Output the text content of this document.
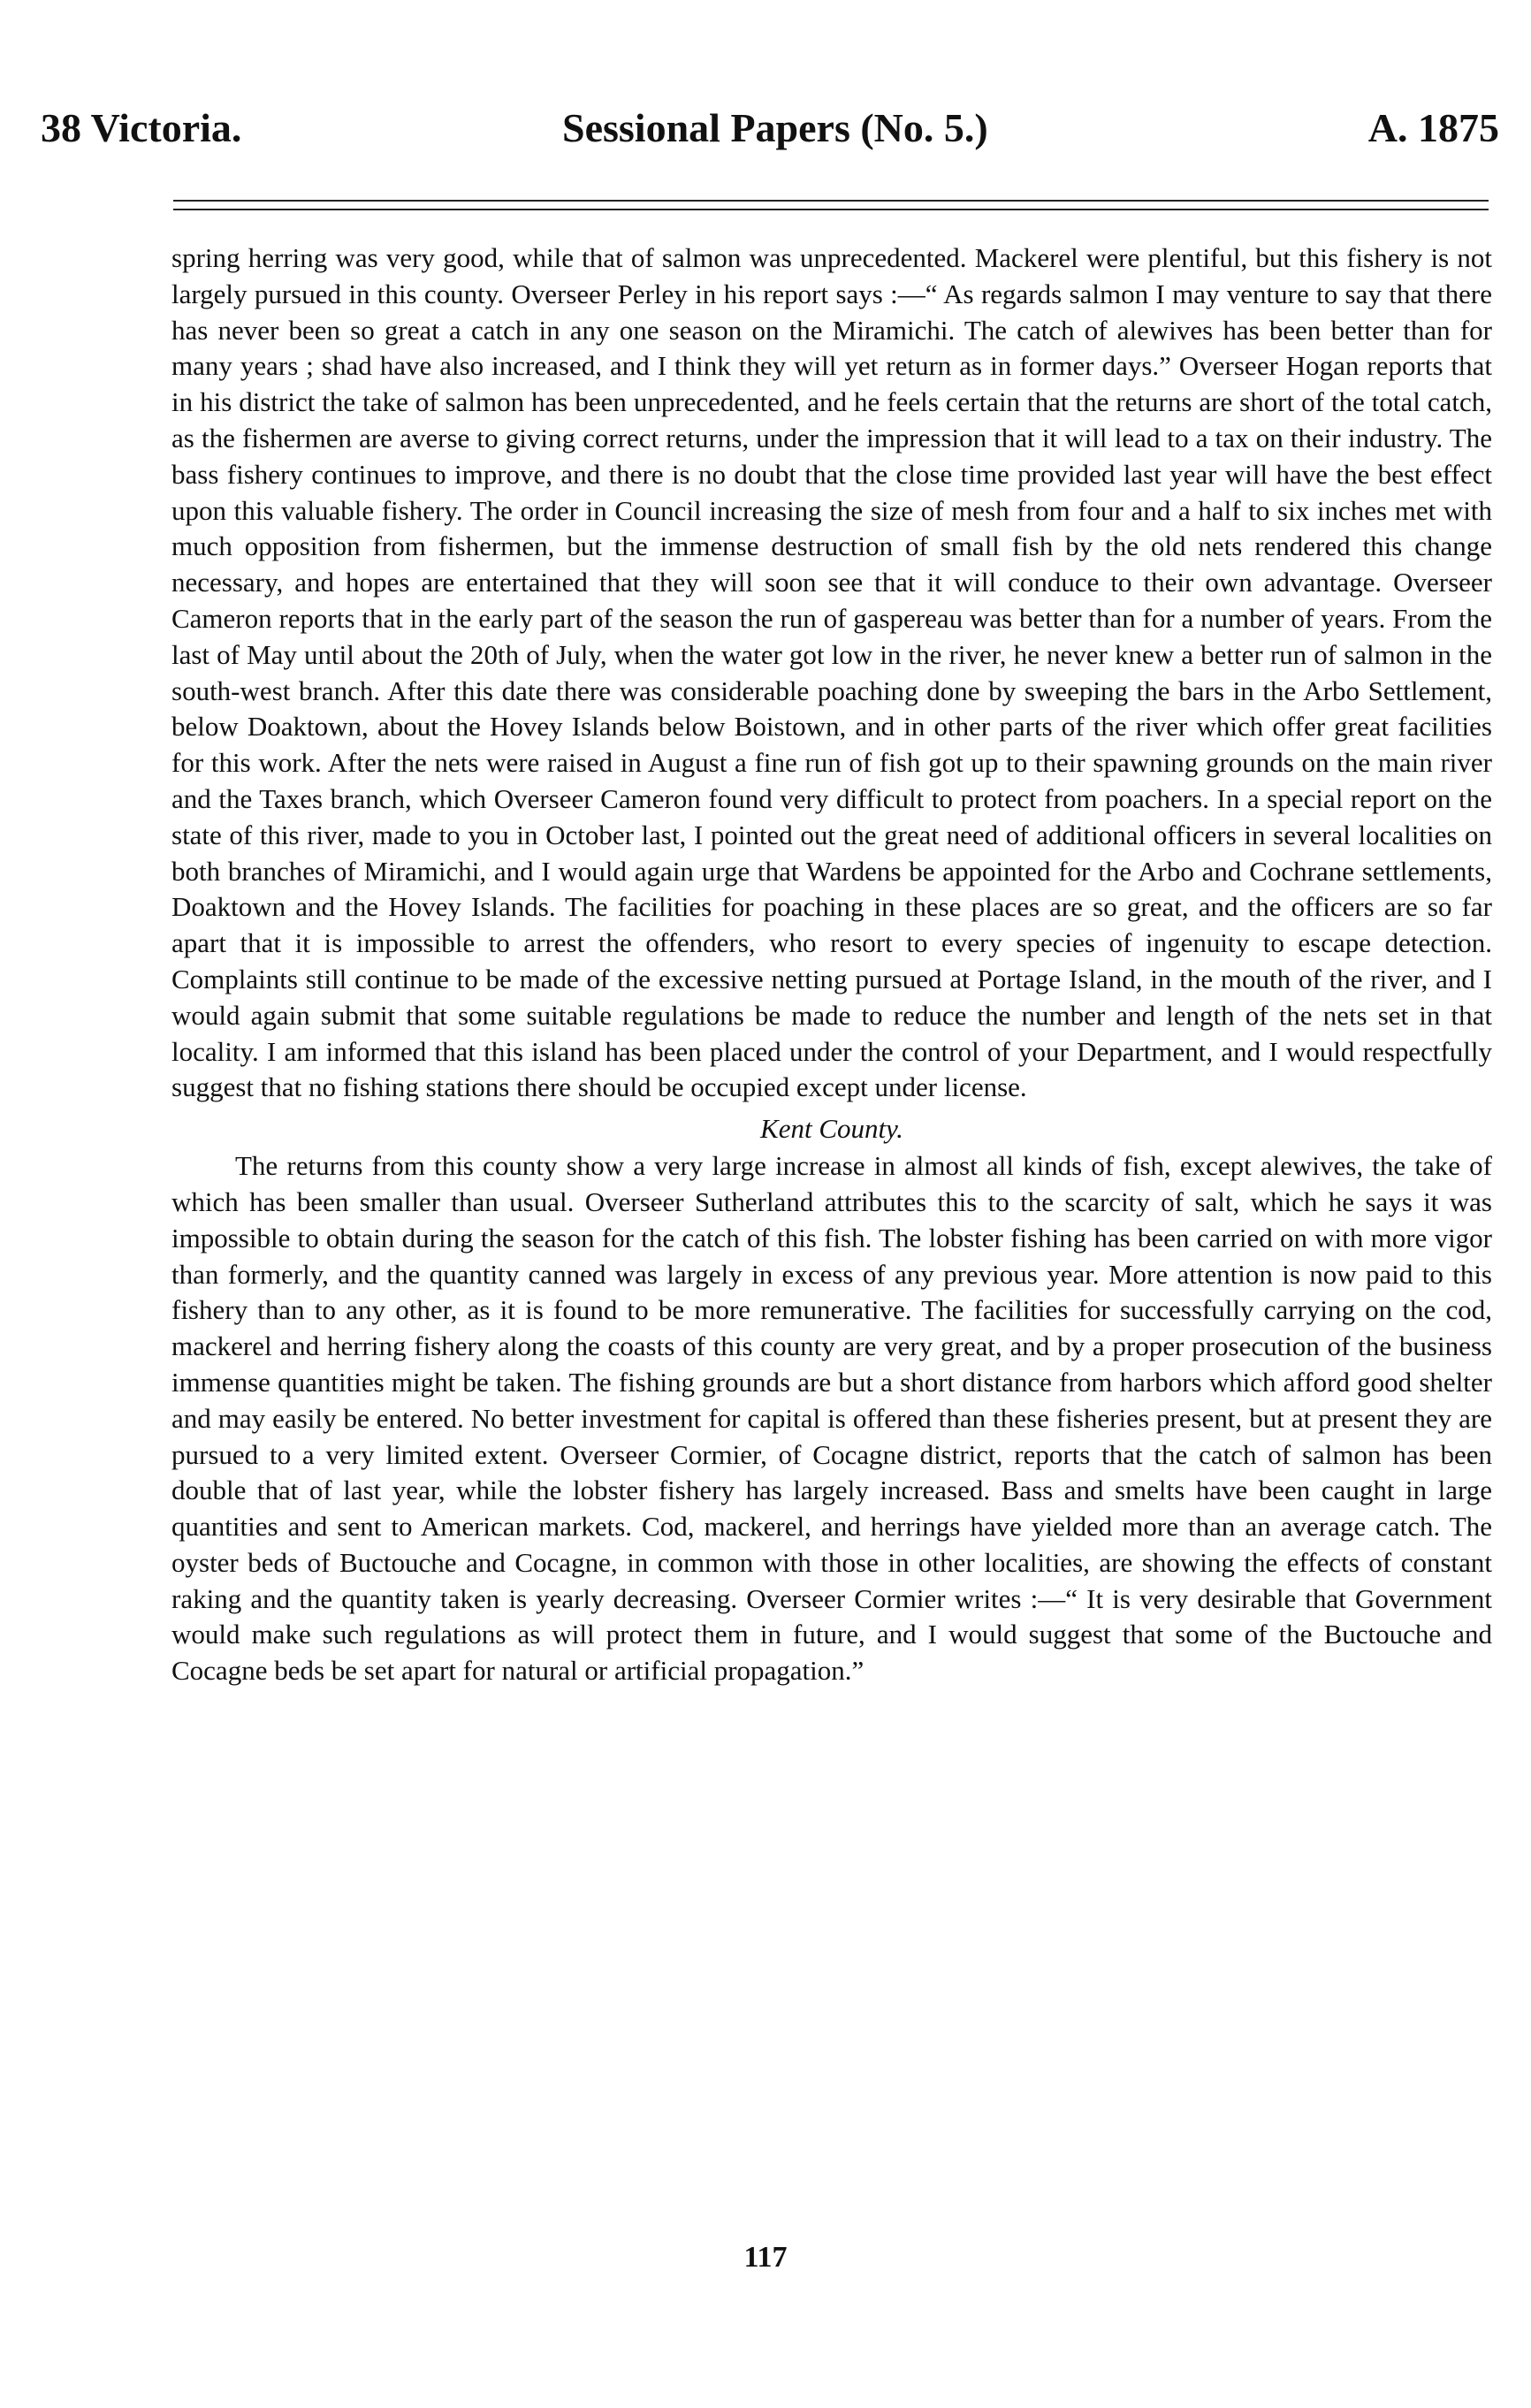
38 Victoria.	Sessional Papers (No. 5.)	A. 1875

spring herring was very good, while that of salmon was unprecedented. Mackerel were plentiful, but this fishery is not largely pursued in this county. Overseer Perley in his report says :—“ As regards salmon I may venture to say that there has never been so great a catch in any one season on the Miramichi. The catch of alewives has been better than for many years ; shad have also increased, and I think they will yet return as in former days.” Overseer Hogan reports that in his district the take of salmon has been unprecedented, and he feels certain that the returns are short of the total catch, as the fishermen are averse to giving correct returns, under the impression that it will lead to a tax on their industry. The bass fishery continues to improve, and there is no doubt that the close time provided last year will have the best effect upon this valuable fishery. The order in Council increasing the size of mesh from four and a half to six inches met with much opposition from fishermen, but the immense destruction of small fish by the old nets rendered this change necessary, and hopes are entertained that they will soon see that it will conduce to their own advantage. Overseer Cameron reports that in the early part of the season the run of gaspereau was better than for a number of years. From the last of May until about the 20th of July, when the water got low in the river, he never knew a better run of salmon in the south-west branch. After this date there was considerable poaching done by sweeping the bars in the Arbo Settlement, below Doaktown, about the Hovey Islands below Boistown, and in other parts of the river which offer great facilities for this work. After the nets were raised in August a fine run of fish got up to their spawning grounds on the main river and the Taxes branch, which Overseer Cameron found very difficult to protect from poachers. In a special report on the state of this river, made to you in October last, I pointed out the great need of additional officers in several localities on both branches of Miramichi, and I would again urge that Wardens be appointed for the Arbo and Cochrane settlements, Doaktown and the Hovey Islands. The facilities for poaching in these places are so great, and the officers are so far apart that it is impossible to arrest the offenders, who resort to every species of ingenuity to escape detection. Complaints still continue to be made of the excessive netting pursued at Portage Island, in the mouth of the river, and I would again submit that some suitable regulations be made to reduce the number and length of the nets set in that locality. I am informed that this island has been placed under the control of your Department, and I would respectfully suggest that no fishing stations there should be occupied except under license.

Kent County.

The returns from this county show a very large increase in almost all kinds of fish, except alewives, the take of which has been smaller than usual. Overseer Sutherland attributes this to the scarcity of salt, which he says it was impossible to obtain during the season for the catch of this fish. The lobster fishing has been carried on with more vigor than formerly, and the quantity canned was largely in excess of any previous year. More attention is now paid to this fishery than to any other, as it is found to be more remunerative. The facilities for successfully carrying on the cod, mackerel and herring fishery along the coasts of this county are very great, and by a proper prosecution of the business immense quantities might be taken. The fishing grounds are but a short distance from harbors which afford good shelter and may easily be entered. No better investment for capital is offered than these fisheries present, but at present they are pursued to a very limited extent. Overseer Cormier, of Cocagne district, reports that the catch of salmon has been double that of last year, while the lobster fishery has largely increased. Bass and smelts have been caught in large quantities and sent to American markets. Cod, mackerel, and herrings have yielded more than an average catch. The oyster beds of Buctouche and Cocagne, in common with those in other localities, are showing the effects of constant raking and the quantity taken is yearly decreasing. Overseer Cormier writes :—“ It is very desirable that Government would make such regulations as will protect them in future, and I would suggest that some of the Buctouche and Cocagne beds be set apart for natural or artificial propagation.”

117
